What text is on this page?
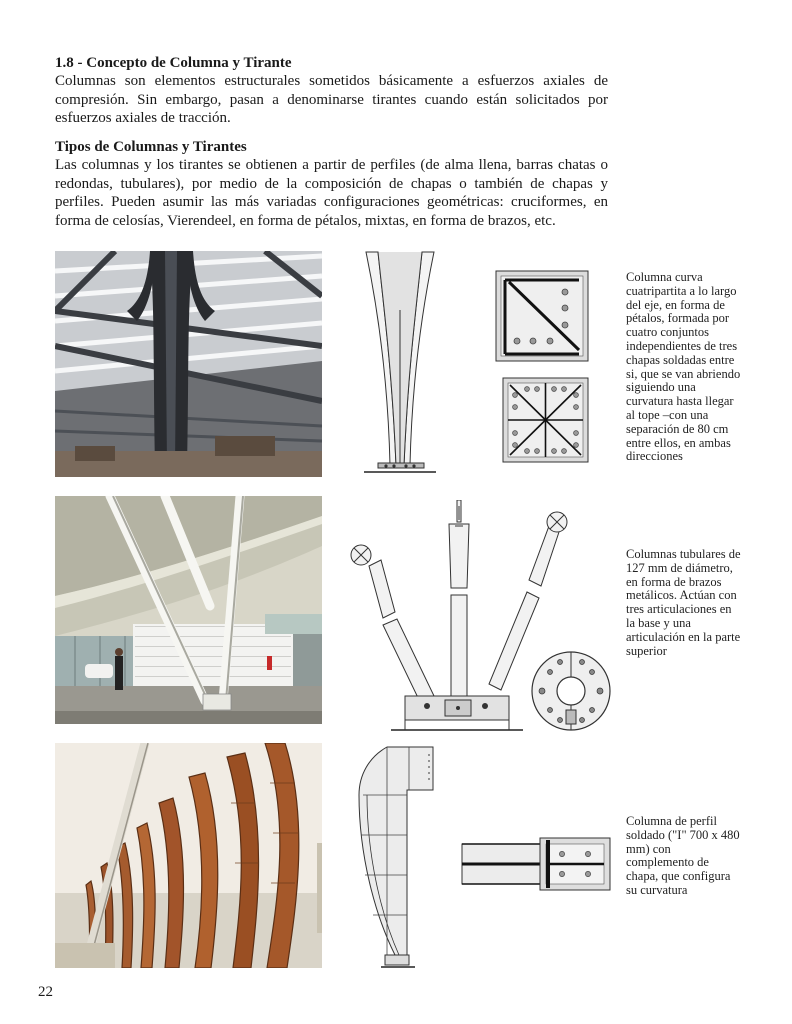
1.8 - Concepto de Columna y Tirante
Columnas son elementos estructurales sometidos básicamente a esfuerzos axiales de compresión. Sin embargo, pasan a denominarse tirantes cuando están solicitados por esfuerzos axiales de tracción.
Tipos de Columnas y Tirantes
Las columnas y los tirantes se obtienen a partir de perfiles (de alma llena, barras chatas o redondas, tubulares), por medio de la composición de chapas o también de chapas y perfiles. Pueden asumir las más variadas configuraciones geométricas: cruciformes, en forma de celosías, Vierendeel, en forma de pétalos, mixtas, en forma de brazos, etc.
Columna curva cuatripartita a lo largo del eje, en forma de pétalos, formada por cuatro conjuntos independientes de tres chapas soldadas entre si, que se van abriendo siguiendo una curvatura hasta llegar al tope –con una separación de 80 cm entre ellos, en ambas direcciones
Columnas tubulares de 127 mm de diámetro, en forma de brazos metálicos. Actúan con tres articulaciones en la base y una articulación en la parte superior
Columna de perfil soldado ("I" 700 x 480 mm) con complemento de chapa, que configura su curvatura
22
